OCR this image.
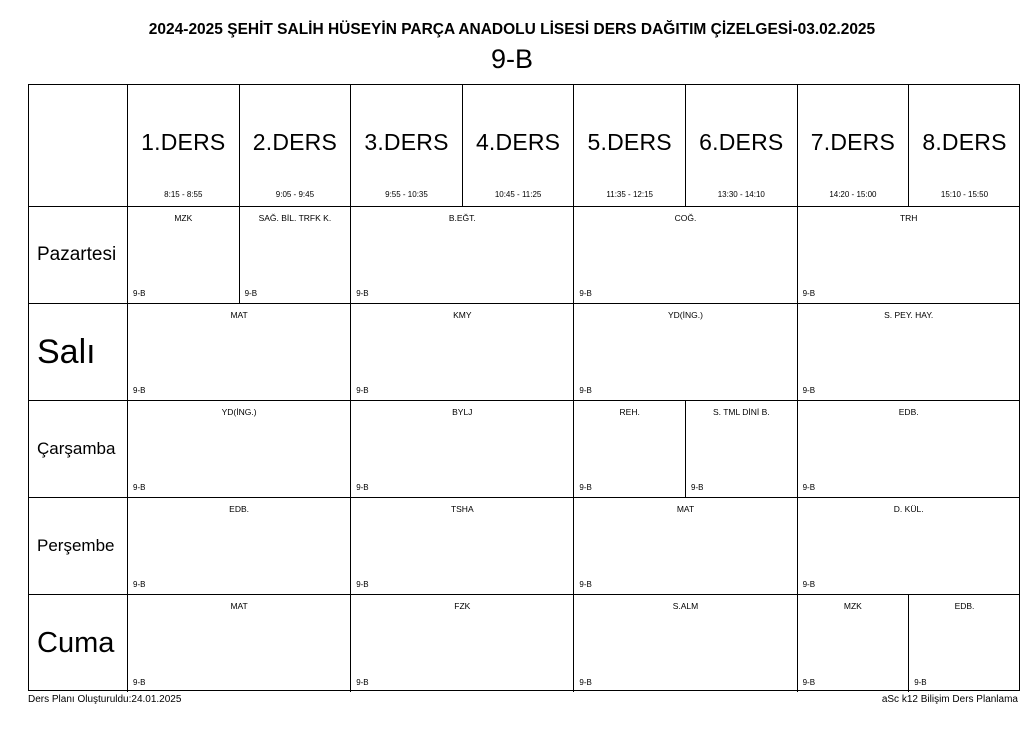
2024-2025 ŞEHİT SALİH HÜSEYİN PARÇA ANADOLU LİSESİ DERS DAĞITIM ÇİZELGESİ-03.02.2025
9-B
1.DERS
8:15 - 8:55
2.DERS
9:05 - 9:45
3.DERS
9:55 - 10:35
4.DERS
10:45 - 11:25
5.DERS
11:35 - 12:15
6.DERS
13:30 - 14:10
7.DERS
14:20 - 15:00
8.DERS
15:10 - 15:50
Pazartesi
MZK
9-B
SAĞ. BİL. TRFK K.
9-B
B.EĞT.
9-B
COĞ.
9-B
TRH
9-B
Salı
MAT
9-B
KMY
9-B
YD(İNG.)
9-B
S. PEY. HAY.
9-B
Çarşamba
YD(İNG.)
9-B
BYLJ
9-B
REH.
9-B
S. TML DİNİ B.
9-B
EDB.
9-B
Perşembe
EDB.
9-B
TSHA
9-B
MAT
9-B
D. KÜL.
9-B
Cuma
MAT
9-B
FZK
9-B
S.ALM
9-B
MZK
9-B
EDB.
9-B
Ders Planı Oluşturuldu:24.01.2025	aSc k12 Bilişim Ders Planlama
